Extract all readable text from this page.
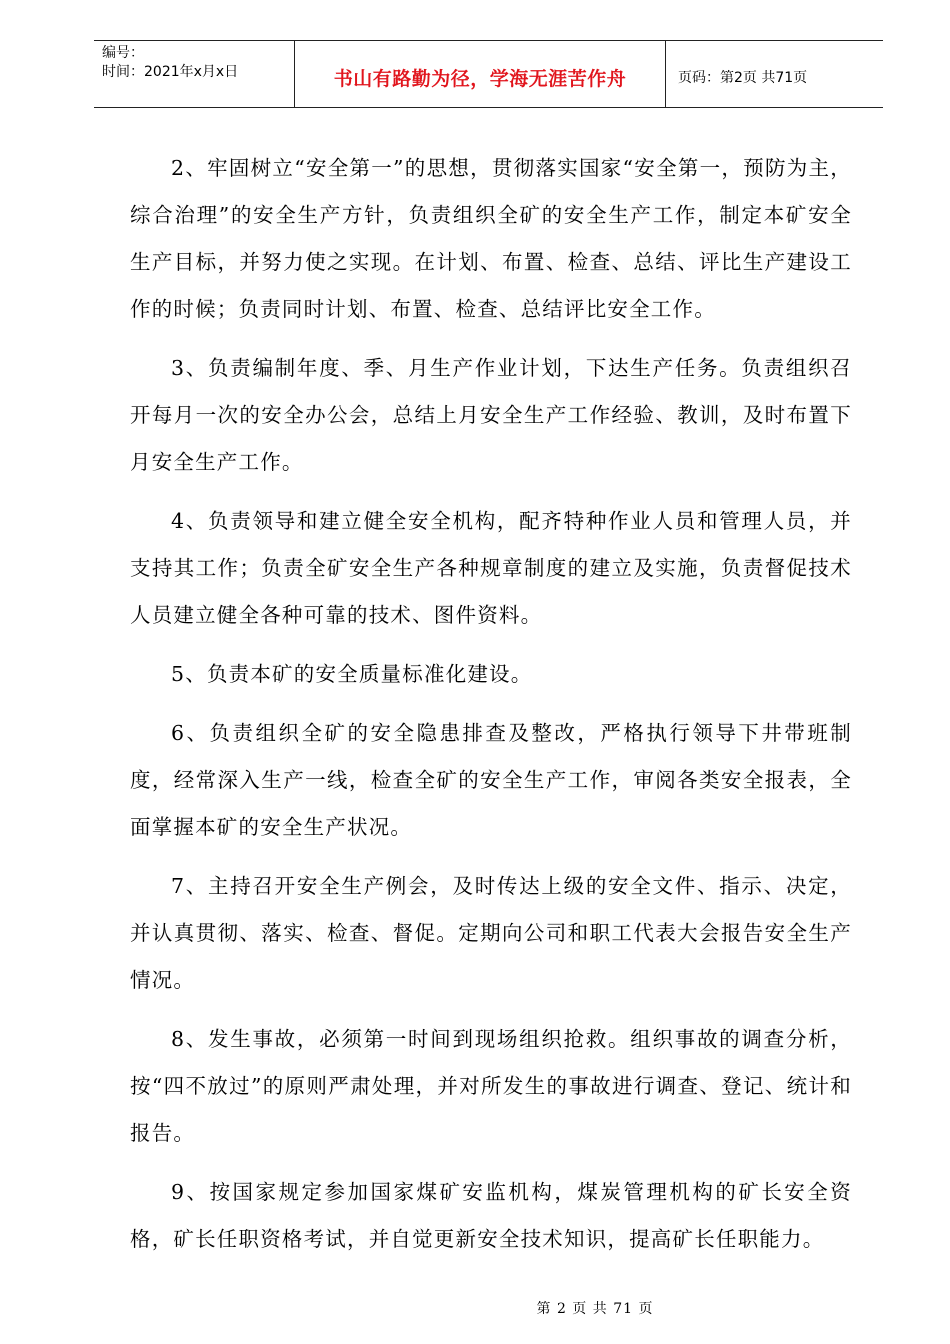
编号：
时间：2021年x月x日	书山有路勤为径，学海无涯苦作舟	页码：第2页 共71页

2、牢固树立“安全第一”的思想，贯彻落实国家“安全第一，预防为主，综合治理”的安全生产方针，负责组织全矿的安全生产工作，制定本矿安全生产目标，并努力使之实现。在计划、布置、检查、总结、评比生产建设工作的时候；负责同时计划、布置、检查、总结评比安全工作。

3、负责编制年度、季、月生产作业计划，下达生产任务。负责组织召开每月一次的安全办公会，总结上月安全生产工作经验、教训，及时布置下月安全生产工作。

4、负责领导和建立健全安全机构，配齐特种作业人员和管理人员，并支持其工作；负责全矿安全生产各种规章制度的建立及实施，负责督促技术人员建立健全各种可靠的技术、图件资料。

5、负责本矿的安全质量标准化建设。

6、负责组织全矿的安全隐患排查及整改，严格执行领导下井带班制度，经常深入生产一线，检查全矿的安全生产工作，审阅各类安全报表，全面掌握本矿的安全生产状况。

7、主持召开安全生产例会，及时传达上级的安全文件、指示、决定，并认真贯彻、落实、检查、督促。定期向公司和职工代表大会报告安全生产情况。

8、发生事故，必须第一时间到现场组织抢救。组织事故的调查分析，按“四不放过”的原则严肃处理，并对所发生的事故进行调查、登记、统计和报告。

9、按国家规定参加国家煤矿安监机构，煤炭管理机构的矿长安全资格，矿长任职资格考试，并自觉更新安全技术知识，提高矿长任职能力。

第 2 页 共 71 页
